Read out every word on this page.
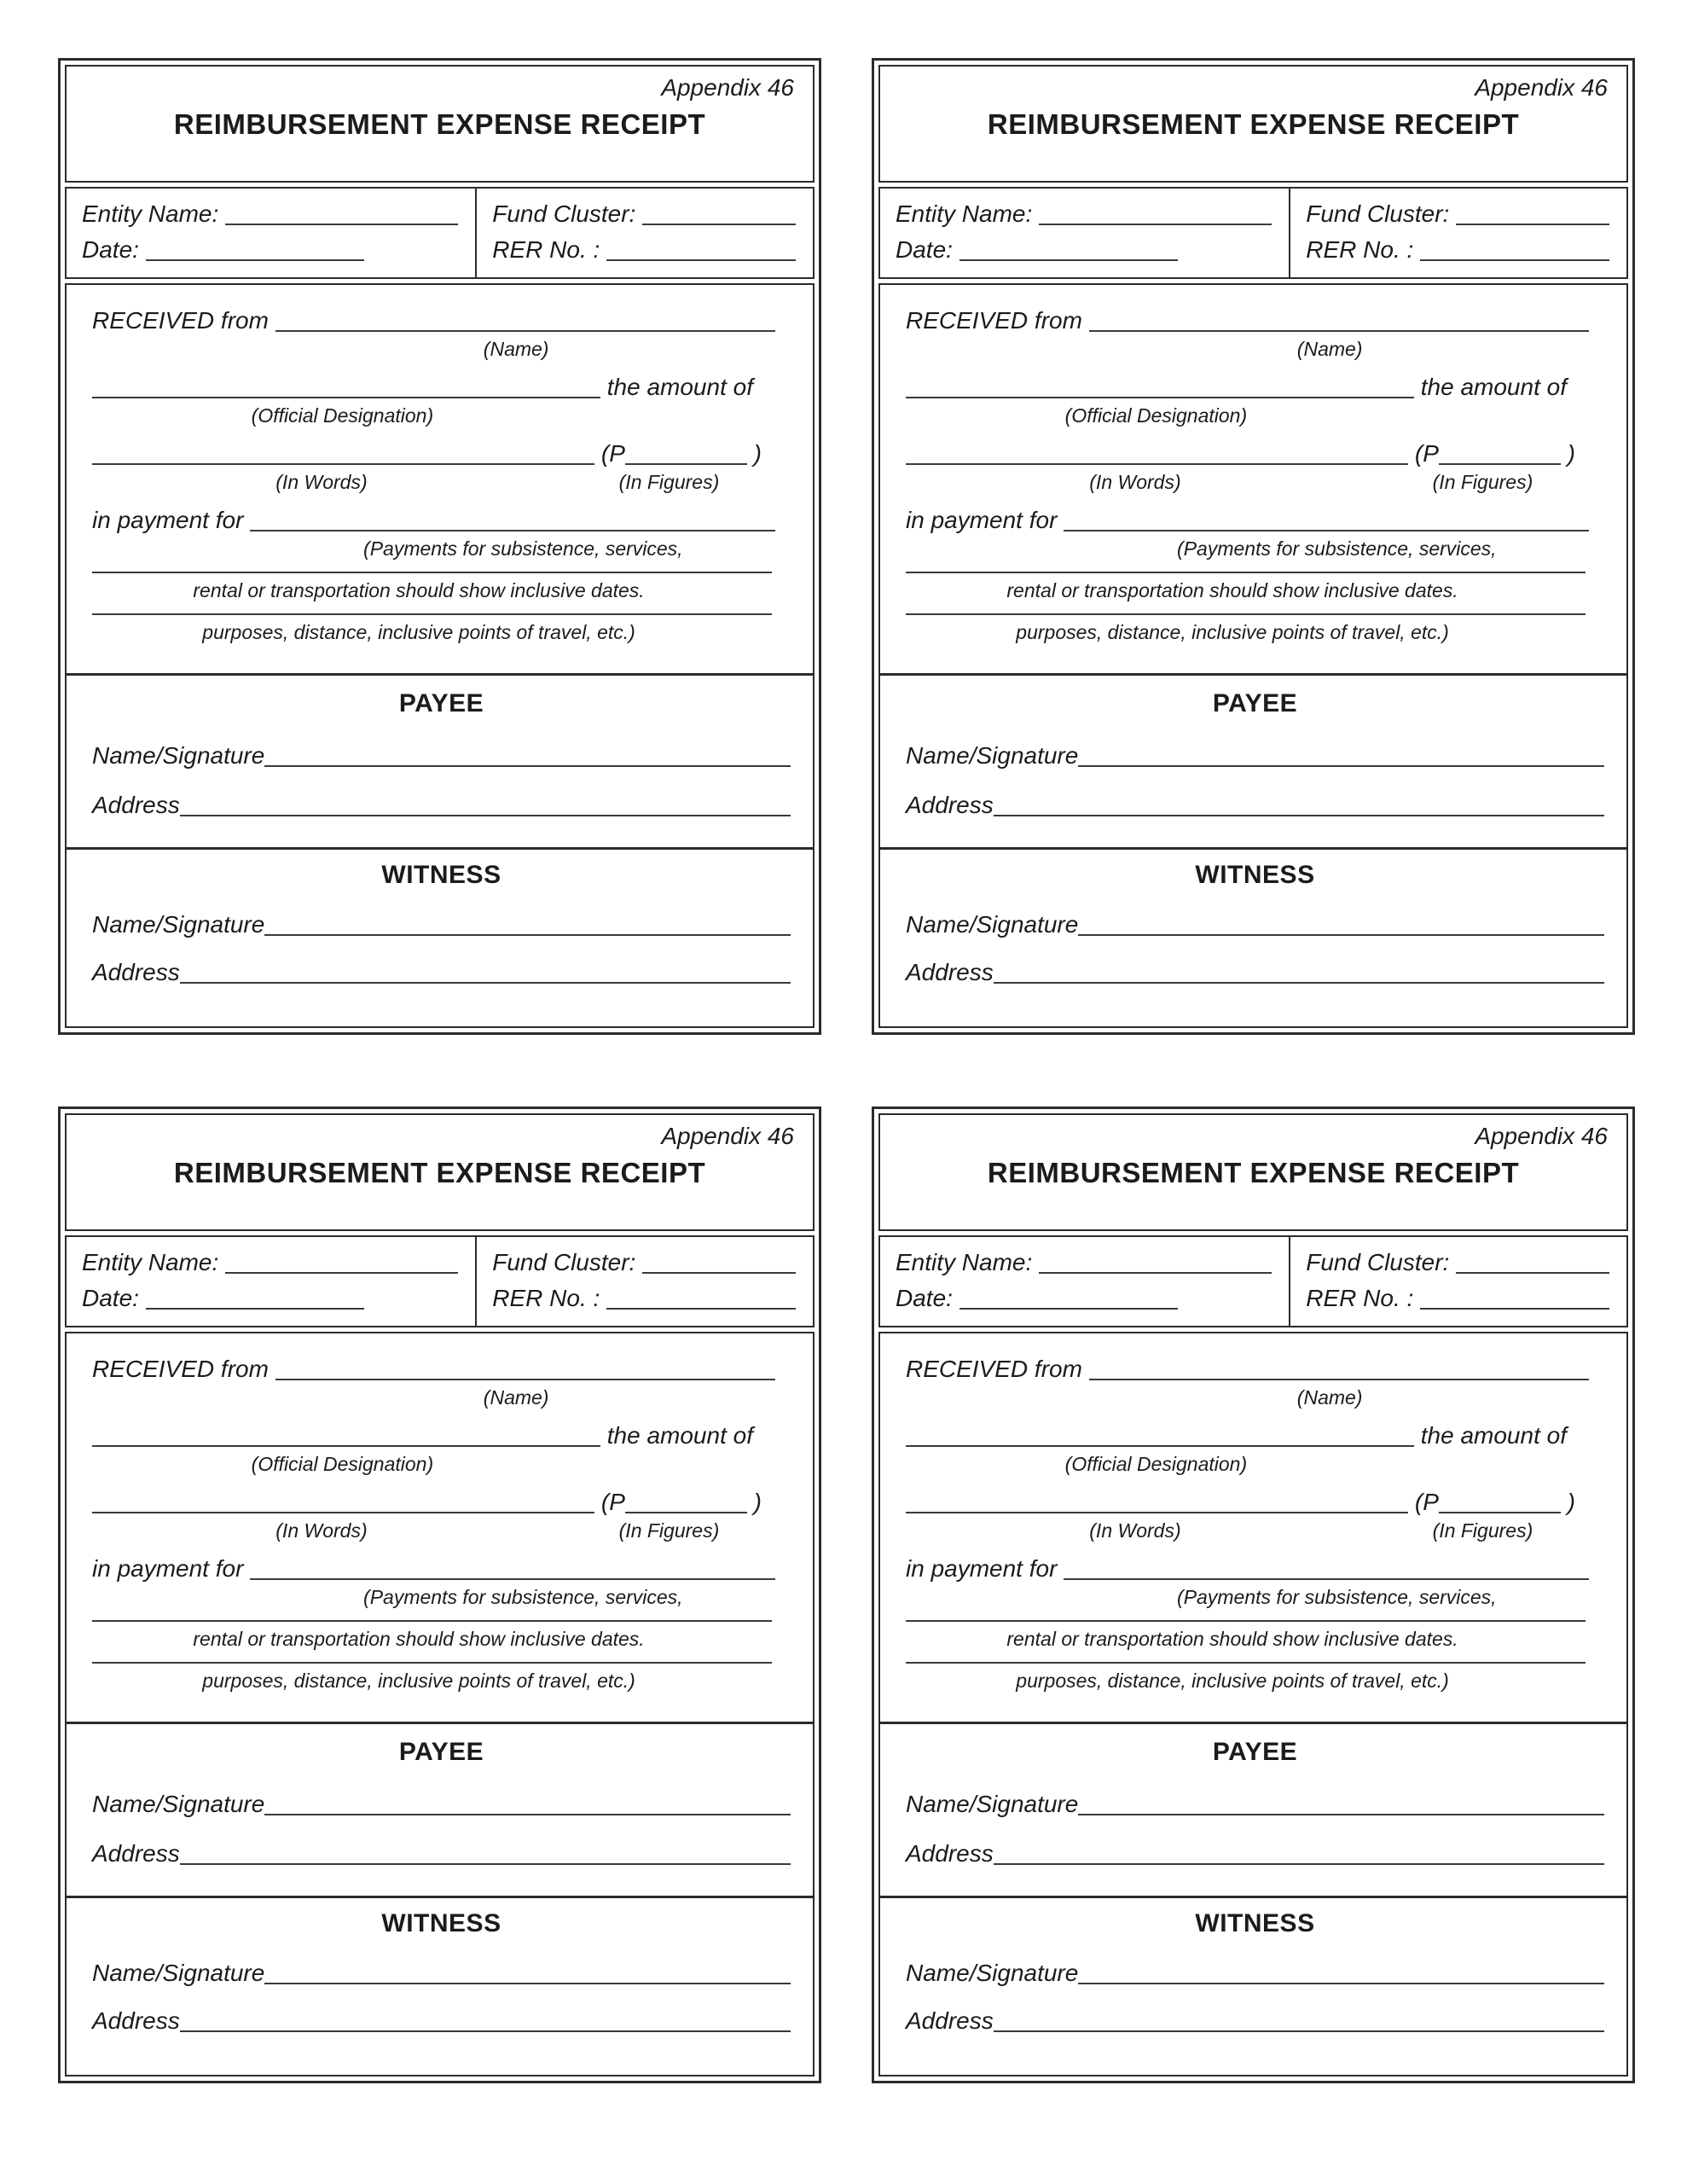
Appendix 46
REIMBURSEMENT EXPENSE RECEIPT
Entity Name:
Date:
Fund Cluster:
RER No. :
RECEIVED from
(Name)
the amount of
(Official Designation)
(P	)
(In Words)	(In Figures)
in payment for
(Payments for subsistence, services,
rental or transportation should show inclusive dates.
purposes, distance, inclusive points of travel, etc.)
PAYEE
Name/Signature
Address
WITNESS
Name/Signature
Address
Appendix 46
REIMBURSEMENT EXPENSE RECEIPT
Entity Name:
Date:
Fund Cluster:
RER No. :
RECEIVED from
(Name)
the amount of
(Official Designation)
(P	)
(In Words)	(In Figures)
in payment for
(Payments for subsistence, services,
rental or transportation should show inclusive dates.
purposes, distance, inclusive points of travel, etc.)
PAYEE
Name/Signature
Address
WITNESS
Name/Signature
Address
Appendix 46
REIMBURSEMENT EXPENSE RECEIPT
Entity Name:
Date:
Fund Cluster:
RER No. :
RECEIVED from
(Name)
the amount of
(Official Designation)
(P	)
(In Words)	(In Figures)
in payment for
(Payments for subsistence, services,
rental or transportation should show inclusive dates.
purposes, distance, inclusive points of travel, etc.)
PAYEE
Name/Signature
Address
WITNESS
Name/Signature
Address
Appendix 46
REIMBURSEMENT EXPENSE RECEIPT
Entity Name:
Date:
Fund Cluster:
RER No. :
RECEIVED from
(Name)
the amount of
(Official Designation)
(P	)
(In Words)	(In Figures)
in payment for
(Payments for subsistence, services,
rental or transportation should show inclusive dates.
purposes, distance, inclusive points of travel, etc.)
PAYEE
Name/Signature
Address
WITNESS
Name/Signature
Address
